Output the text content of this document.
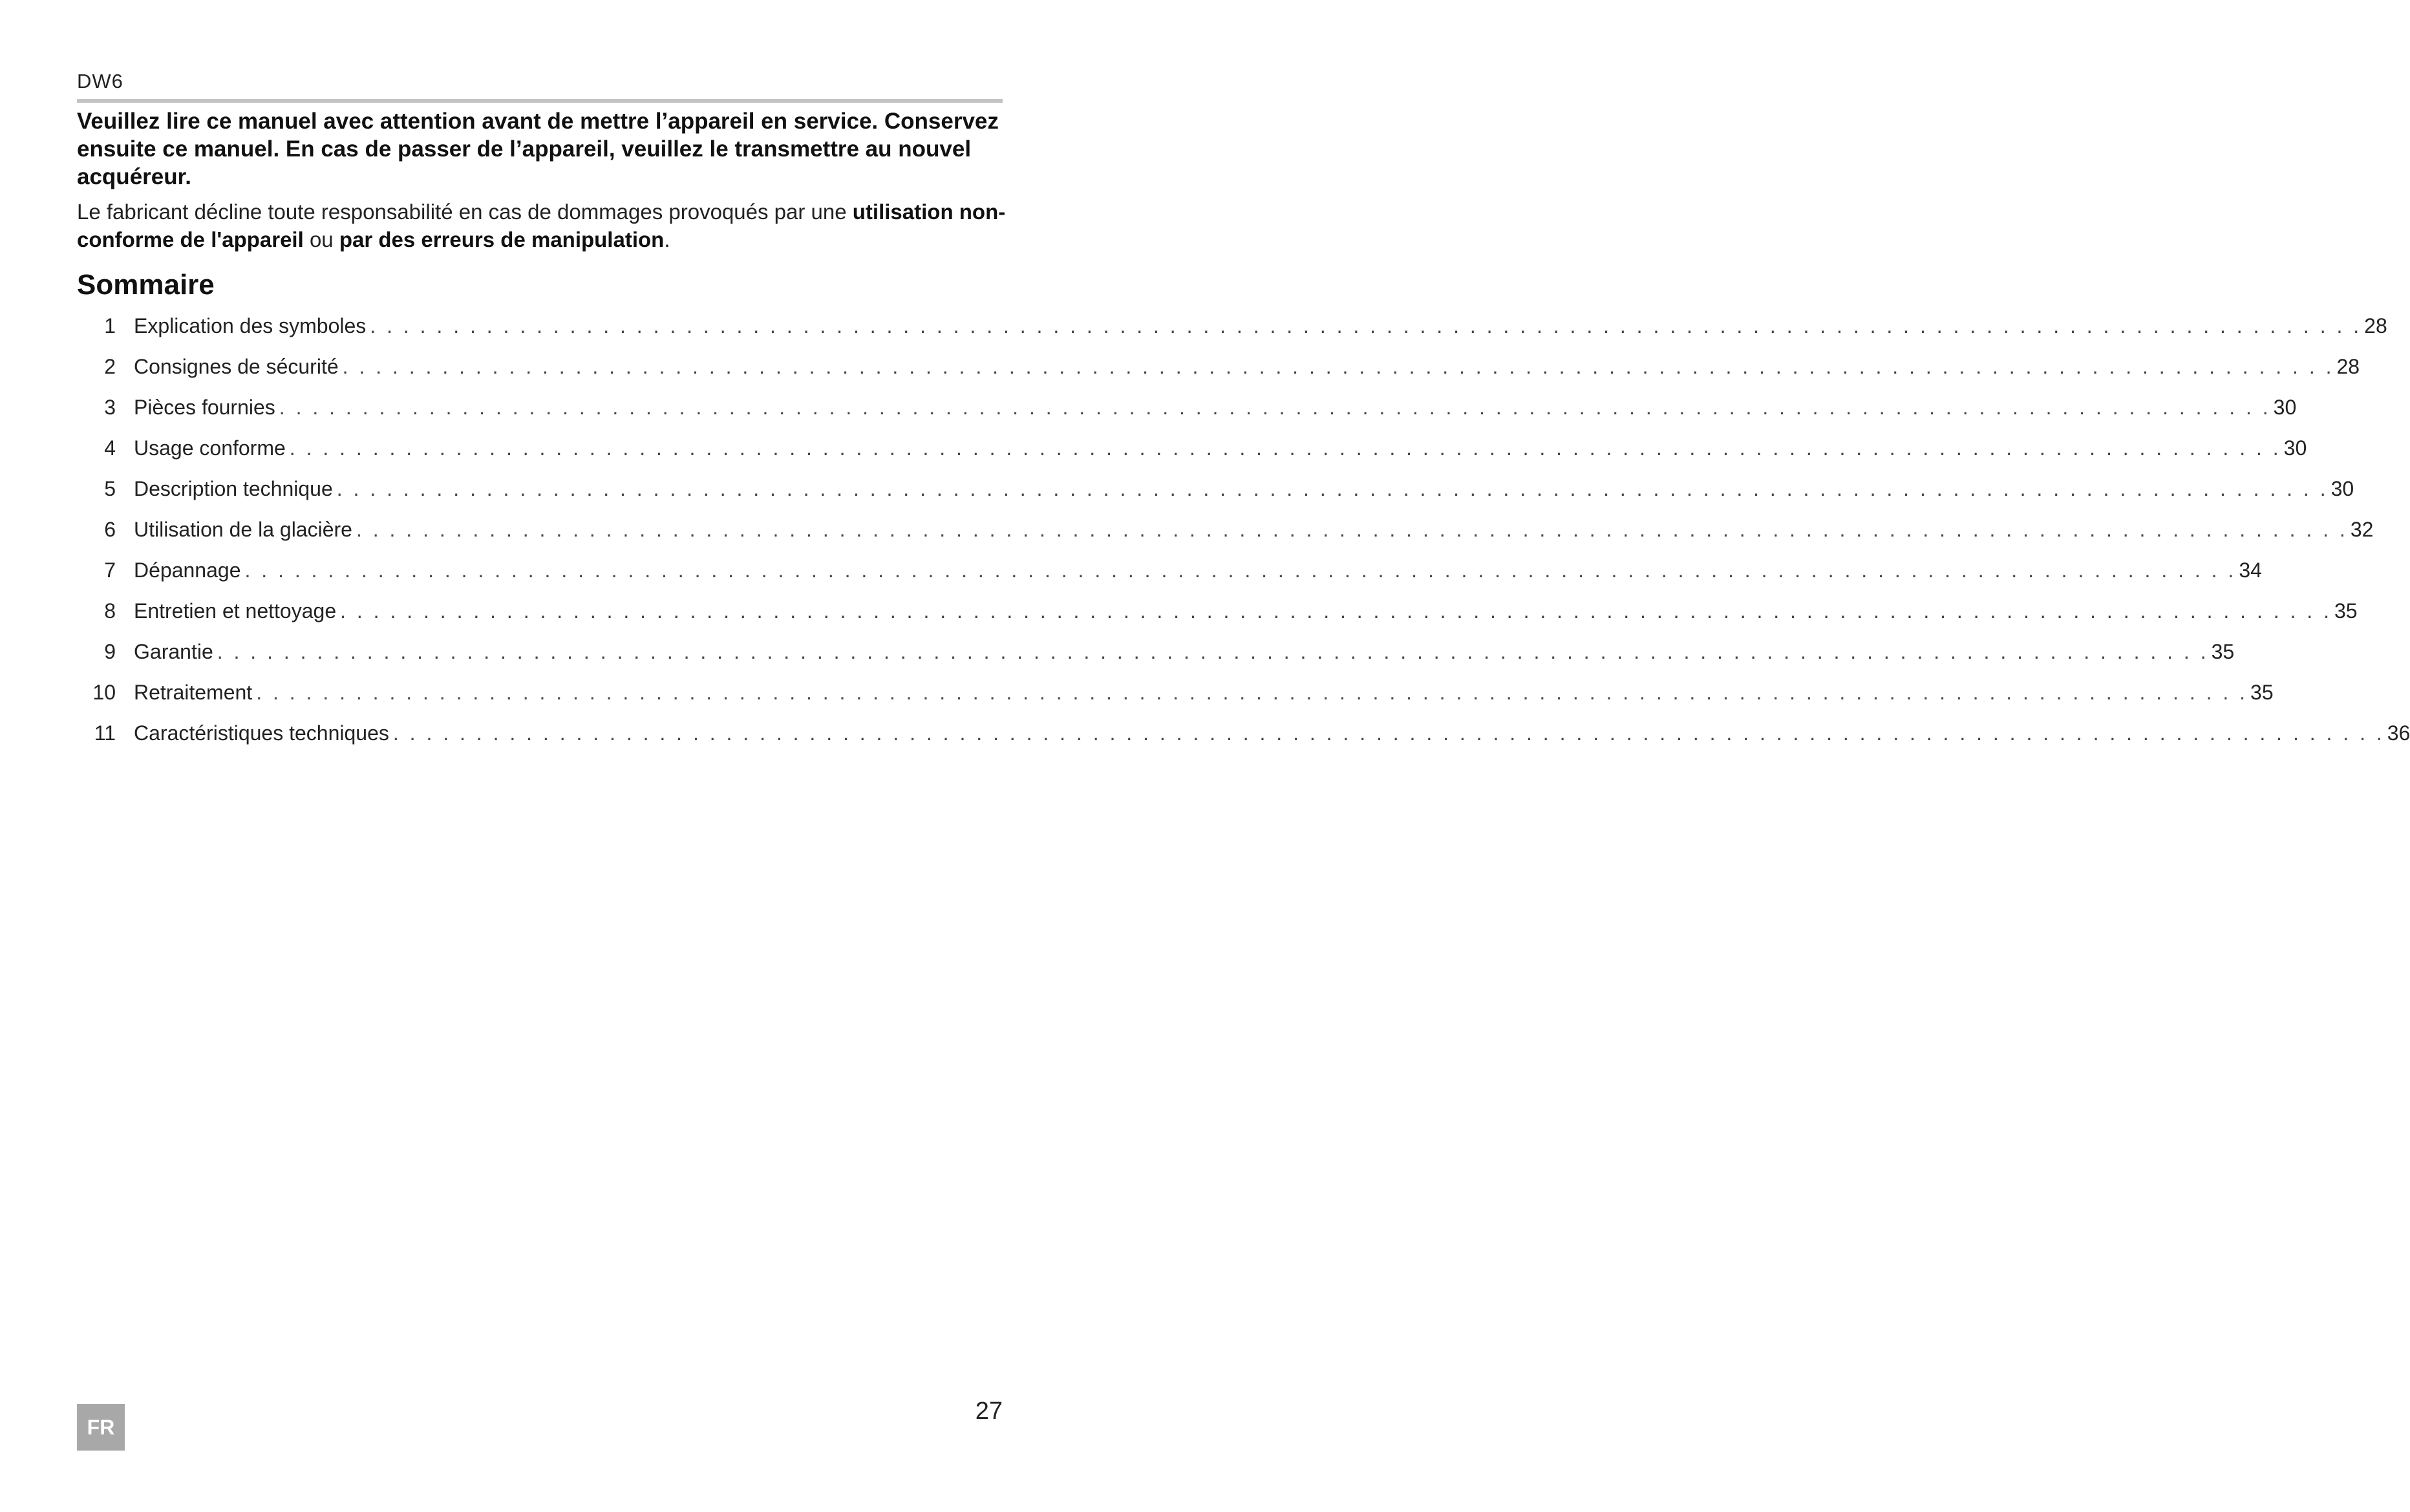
DW6
Veuillez lire ce manuel avec attention avant de mettre l’appareil en service. Conservez ensuite ce manuel. En cas de passer de l’appareil, veuillez le transmettre au nouvel acquéreur.
Le fabricant décline toute responsabilité en cas de dommages provoqués par une utilisation non-conforme de l'appareil ou par des erreurs de manipulation.
Sommaire
1 Explication des symboles . . . . . . . . . . . . . . . . . . . . . . . . . . . . . . . . . . . . . . . . . . . . . . . . . . . . . . . . . . . . . . . . . . . . . . . . . . . . . . . . . . . . . . . . . . . . . . . . . . . . . . . . . . . . . . . . . . . . . . . . 28
2 Consignes de sécurité . . . . . . . . . . . . . . . . . . . . . . . . . . . . . . . . . . . . . . . . . . . . . . . . . . . . . . . . . . . . . . . . . . . . . . . . . . . . . . . . . . . . . . . . . . . . . . . . . . . . . . . . . . . . . . . . . . . . . . . . 28
3 Pièces fournies . . . . . . . . . . . . . . . . . . . . . . . . . . . . . . . . . . . . . . . . . . . . . . . . . . . . . . . . . . . . . . . . . . . . . . . . . . . . . . . . . . . . . . . . . . . . . . . . . . . . . . . . . . . . . . . . . . . . . . . . 30
4 Usage conforme . . . . . . . . . . . . . . . . . . . . . . . . . . . . . . . . . . . . . . . . . . . . . . . . . . . . . . . . . . . . . . . . . . . . . . . . . . . . . . . . . . . . . . . . . . . . . . . . . . . . . . . . . . . . . . . . . . . . . . . . 30
5 Description technique . . . . . . . . . . . . . . . . . . . . . . . . . . . . . . . . . . . . . . . . . . . . . . . . . . . . . . . . . . . . . . . . . . . . . . . . . . . . . . . . . . . . . . . . . . . . . . . . . . . . . . . . . . . . . . . . . . . . . . . . 30
6 Utilisation de la glacière . . . . . . . . . . . . . . . . . . . . . . . . . . . . . . . . . . . . . . . . . . . . . . . . . . . . . . . . . . . . . . . . . . . . . . . . . . . . . . . . . . . . . . . . . . . . . . . . . . . . . . . . . . . . . . . . . . . . . . . . 32
7 Dépannage . . . . . . . . . . . . . . . . . . . . . . . . . . . . . . . . . . . . . . . . . . . . . . . . . . . . . . . . . . . . . . . . . . . . . . . . . . . . . . . . . . . . . . . . . . . . . . . . . . . . . . . . . . . . . . . . . . . . . . . . 34
8 Entretien et nettoyage . . . . . . . . . . . . . . . . . . . . . . . . . . . . . . . . . . . . . . . . . . . . . . . . . . . . . . . . . . . . . . . . . . . . . . . . . . . . . . . . . . . . . . . . . . . . . . . . . . . . . . . . . . . . . . . . . . . . . . . . 35
9 Garantie . . . . . . . . . . . . . . . . . . . . . . . . . . . . . . . . . . . . . . . . . . . . . . . . . . . . . . . . . . . . . . . . . . . . . . . . . . . . . . . . . . . . . . . . . . . . . . . . . . . . . . . . . . . . . . . . . . . . . . . . 35
10 Retraitement . . . . . . . . . . . . . . . . . . . . . . . . . . . . . . . . . . . . . . . . . . . . . . . . . . . . . . . . . . . . . . . . . . . . . . . . . . . . . . . . . . . . . . . . . . . . . . . . . . . . . . . . . . . . . . . . . . . . . . . . 35
11 Caractéristiques techniques . . . . . . . . . . . . . . . . . . . . . . . . . . . . . . . . . . . . . . . . . . . . . . . . . . . . . . . . . . . . . . . . . . . . . . . . . . . . . . . . . . . . . . . . . . . . . . . . . . . . . . . . . . . . . . . . . . . . . . . . 36
FR
27
